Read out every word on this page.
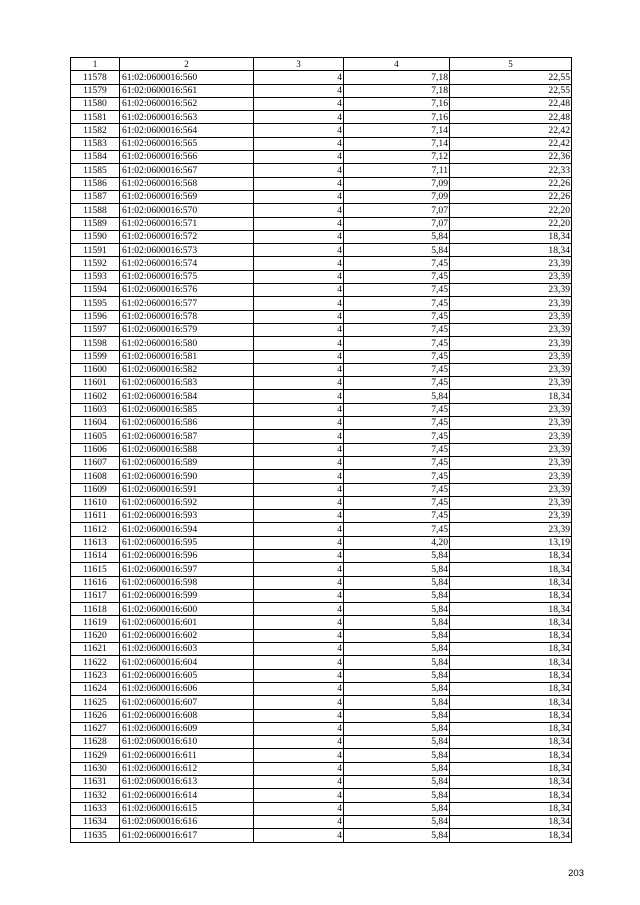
1	2	3	4	5
11578	61:02:0600016:560	4	7,18	22,55
11579	61:02:0600016:561	4	7,18	22,55
11580	61:02:0600016:562	4	7,16	22,48
11581	61:02:0600016:563	4	7,16	22,48
11582	61:02:0600016:564	4	7,14	22,42
11583	61:02:0600016:565	4	7,14	22,42
11584	61:02:0600016:566	4	7,12	22,36
11585	61:02:0600016:567	4	7,11	22,33
11586	61:02:0600016:568	4	7,09	22,26
11587	61:02:0600016:569	4	7,09	22,26
11588	61:02:0600016:570	4	7,07	22,20
11589	61:02:0600016:571	4	7,07	22,20
11590	61:02:0600016:572	4	5,84	18,34
11591	61:02:0600016:573	4	5,84	18,34
11592	61:02:0600016:574	4	7,45	23,39
11593	61:02:0600016:575	4	7,45	23,39
11594	61:02:0600016:576	4	7,45	23,39
11595	61:02:0600016:577	4	7,45	23,39
11596	61:02:0600016:578	4	7,45	23,39
11597	61:02:0600016:579	4	7,45	23,39
11598	61:02:0600016:580	4	7,45	23,39
11599	61:02:0600016:581	4	7,45	23,39
11600	61:02:0600016:582	4	7,45	23,39
11601	61:02:0600016:583	4	7,45	23,39
11602	61:02:0600016:584	4	5,84	18,34
11603	61:02:0600016:585	4	7,45	23,39
11604	61:02:0600016:586	4	7,45	23,39
11605	61:02:0600016:587	4	7,45	23,39
11606	61:02:0600016:588	4	7,45	23,39
11607	61:02:0600016:589	4	7,45	23,39
11608	61:02:0600016:590	4	7,45	23,39
11609	61:02:0600016:591	4	7,45	23,39
11610	61:02:0600016:592	4	7,45	23,39
11611	61:02:0600016:593	4	7,45	23,39
11612	61:02:0600016:594	4	7,45	23,39
11613	61:02:0600016:595	4	4,20	13,19
11614	61:02:0600016:596	4	5,84	18,34
11615	61:02:0600016:597	4	5,84	18,34
11616	61:02:0600016:598	4	5,84	18,34
11617	61:02:0600016:599	4	5,84	18,34
11618	61:02:0600016:600	4	5,84	18,34
11619	61:02:0600016:601	4	5,84	18,34
11620	61:02:0600016:602	4	5,84	18,34
11621	61:02:0600016:603	4	5,84	18,34
11622	61:02:0600016:604	4	5,84	18,34
11623	61:02:0600016:605	4	5,84	18,34
11624	61:02:0600016:606	4	5,84	18,34
11625	61:02:0600016:607	4	5,84	18,34
11626	61:02:0600016:608	4	5,84	18,34
11627	61:02:0600016:609	4	5,84	18,34
11628	61:02:0600016:610	4	5,84	18,34
11629	61:02:0600016:611	4	5,84	18,34
11630	61:02:0600016:612	4	5,84	18,34
11631	61:02:0600016:613	4	5,84	18,34
11632	61:02:0600016:614	4	5,84	18,34
11633	61:02:0600016:615	4	5,84	18,34
11634	61:02:0600016:616	4	5,84	18,34
11635	61:02:0600016:617	4	5,84	18,34
203
